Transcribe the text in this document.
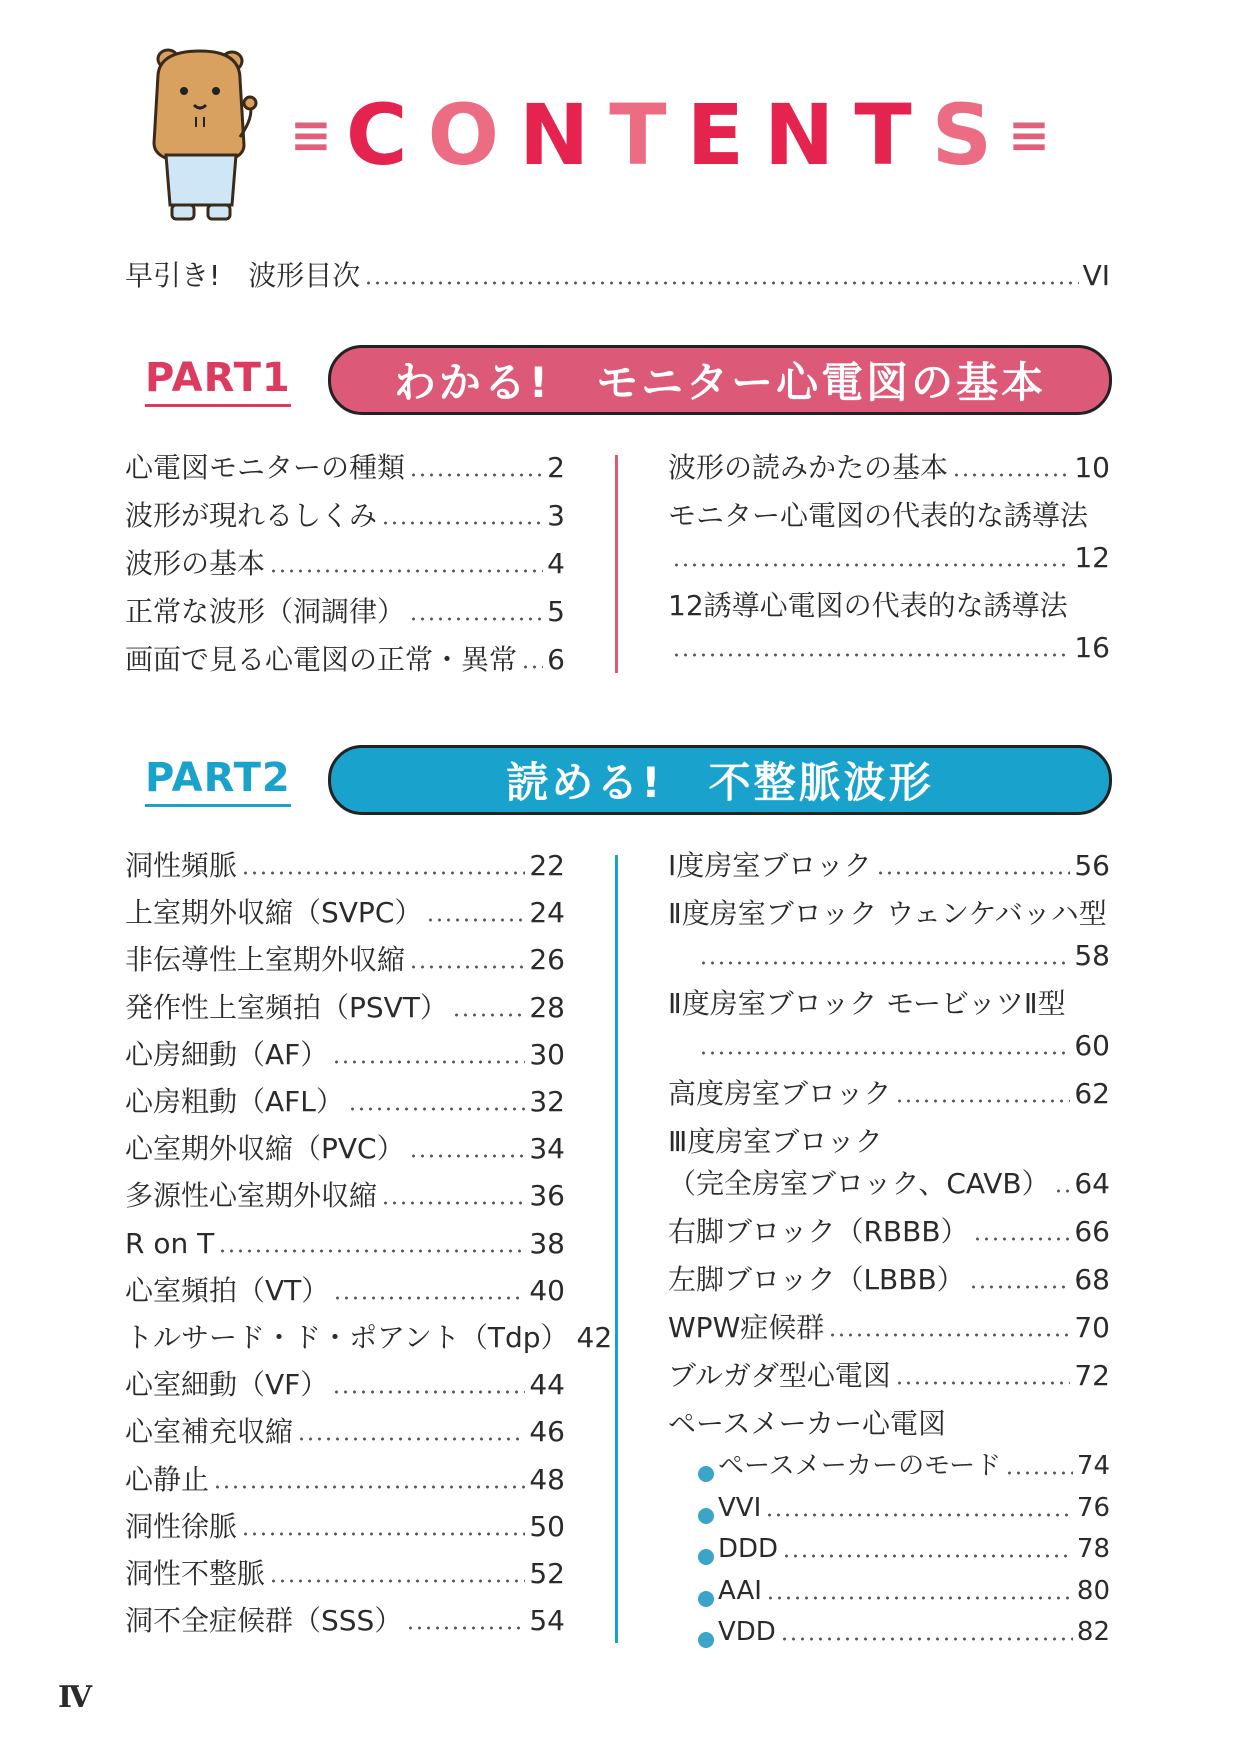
≡ C O N T E N T S ≡
早引き!　波形目次	VI
PART1	わかる!　モニター心電図の基本
心電図モニターの種類	2
波形が現れるしくみ	3
波形の基本	4
正常な波形（洞調律）	5
画面で見る心電図の正常・異常 6
波形の読みかたの基本	10
モニター心電図の代表的な誘導法
12
12誘導心電図の代表的な誘導法
16
PART2	読める!　不整脈波形
洞性頻脈	22
上室期外収縮（SVPC）	24
非伝導性上室期外収縮	26
発作性上室頻拍（PSVT）	28
心房細動（AF）	30
心房粗動（AFL）	32
心室期外収縮（PVC）	34
多源性心室期外収縮	36
R on T	38
心室頻拍（VT）	40
トルサード・ド・ポアント（Tdp） 42
心室細動（VF）	44
心室補充収縮	46
心静止	48
洞性徐脈	50
洞性不整脈	52
洞不全症候群（SSS）	54
Ⅰ度房室ブロック	56
Ⅱ度房室ブロック ウェンケバッハ型
58
Ⅱ度房室ブロック モービッツⅡ型
60
高度房室ブロック	62
Ⅲ度房室ブロック
（完全房室ブロック、CAVB） 64
右脚ブロック（RBBB）	66
左脚ブロック（LBBB）	68
WPW症候群	70
ブルガダ型心電図	72
ペースメーカー心電図
ペースメーカーのモード	74
VVI	76
DDD	78
AAI	80
VDD	82
Ⅳ
